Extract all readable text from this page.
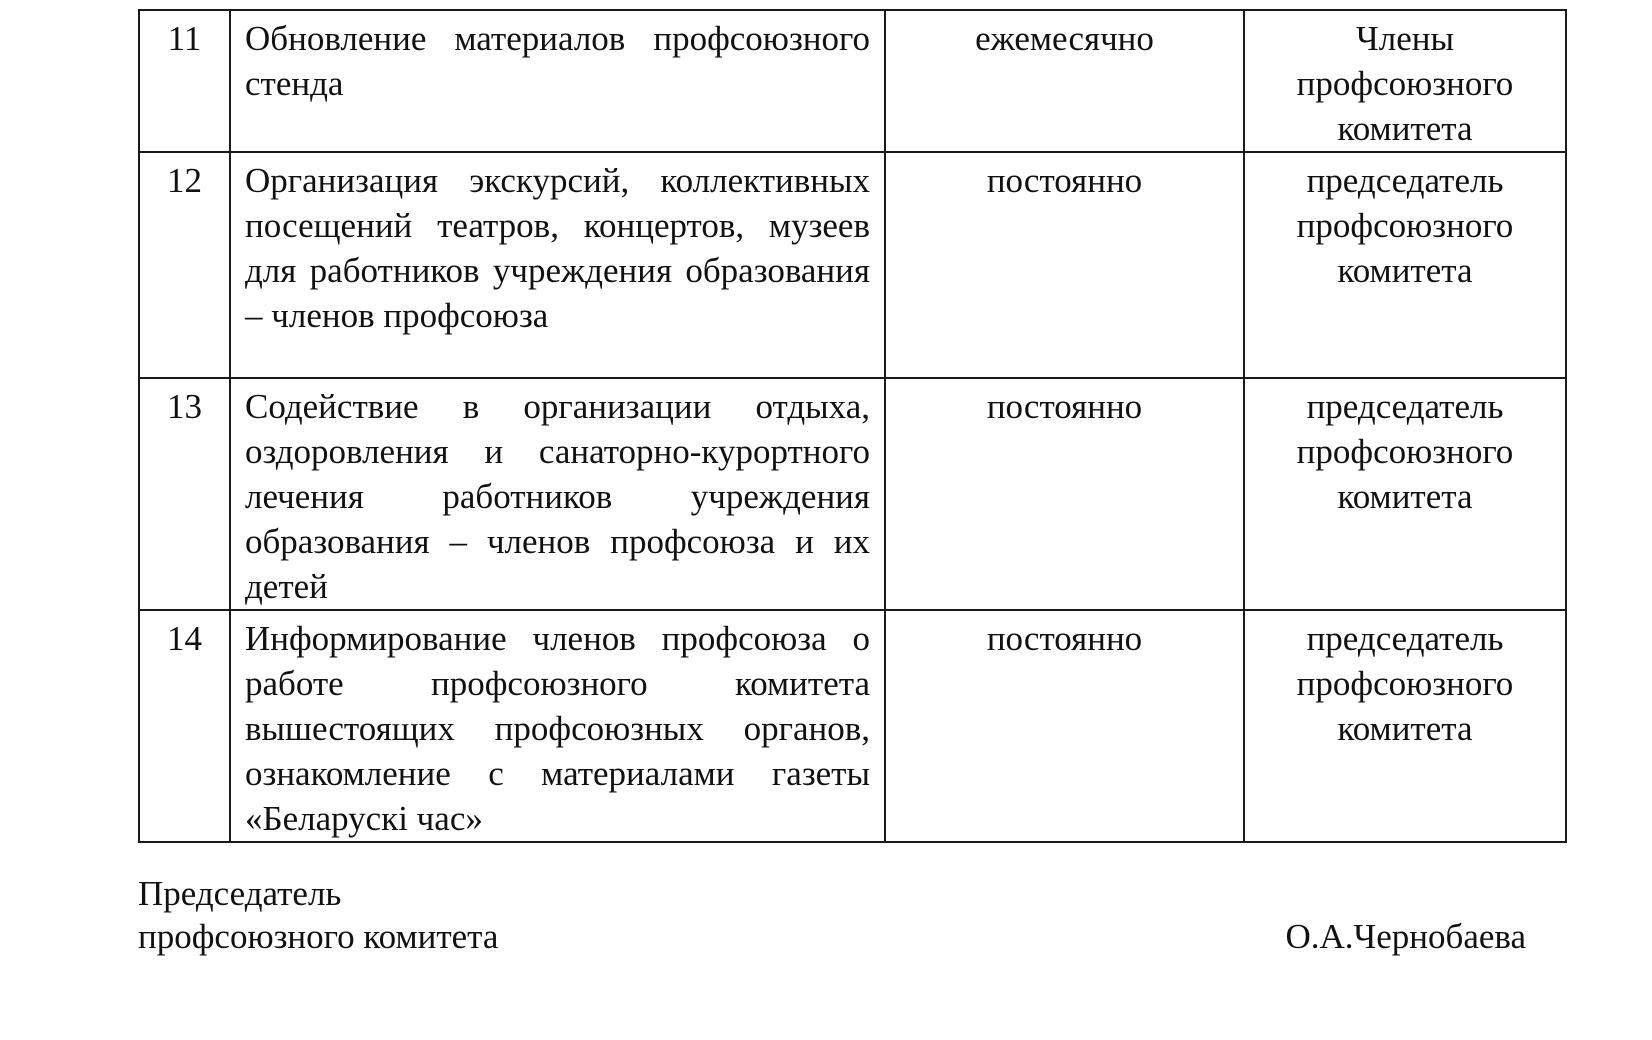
11	Обновление материалов профсоюзного стенда	ежемесячно	Члены профсоюзного комитета
12	Организация экскурсий, коллективных посещений театров, концертов, музеев для работников учреждения образования – членов профсоюза	постоянно	председатель профсоюзного комитета
13	Содействие в организации отдыха, оздоровления и санаторно-курортного лечения работников учреждения образования – членов профсоюза и их детей	постоянно	председатель профсоюзного комитета
14	Информирование членов профсоюза о работе профсоюзного комитета вышестоящих профсоюзных органов, ознакомление с материалами газеты «Беларускі час»	постоянно	председатель профсоюзного комитета
Председатель
профсоюзного комитета	О.А.Чернобаева
